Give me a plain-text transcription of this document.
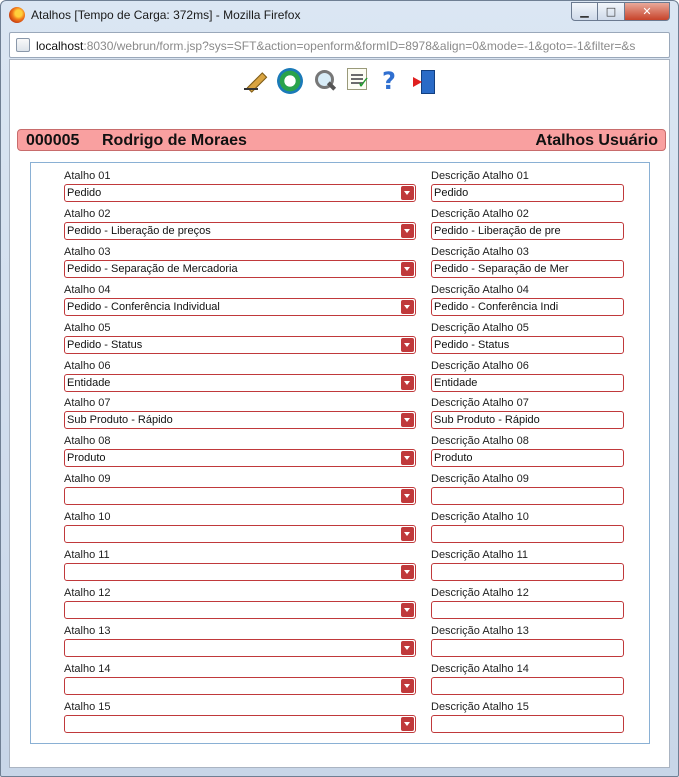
Atalhos [Tempo de Carga: 372ms] - Mozilla Firefox	▁	□	✕
localhost:8030/webrun/form.jsp?sys=SFT&action=openform&formID=8978&align=0&mode=-1&goto=-1&filter=&s
✓
?
000005 Rodrigo de Moraes	Atalhos Usuário
Atalho 01
Pedido
Descrição Atalho 01
Pedido
Atalho 02
Pedido - Liberação de preços
Descrição Atalho 02
Pedido - Liberação de pre
Atalho 03
Pedido - Separação de Mercadoria
Descrição Atalho 03
Pedido - Separação de Mer
Atalho 04
Pedido - Conferência Individual
Descrição Atalho 04
Pedido - Conferência Indi
Atalho 05
Pedido - Status
Descrição Atalho 05
Pedido - Status
Atalho 06
Entidade
Descrição Atalho 06
Entidade
Atalho 07
Sub Produto - Rápido
Descrição Atalho 07
Sub Produto - Rápido
Atalho 08
Produto
Descrição Atalho 08
Produto
Atalho 09	Descrição Atalho 09
Atalho 10	Descrição Atalho 10
Atalho 11	Descrição Atalho 11
Atalho 12	Descrição Atalho 12
Atalho 13	Descrição Atalho 13
Atalho 14	Descrição Atalho 14
Atalho 15	Descrição Atalho 15
